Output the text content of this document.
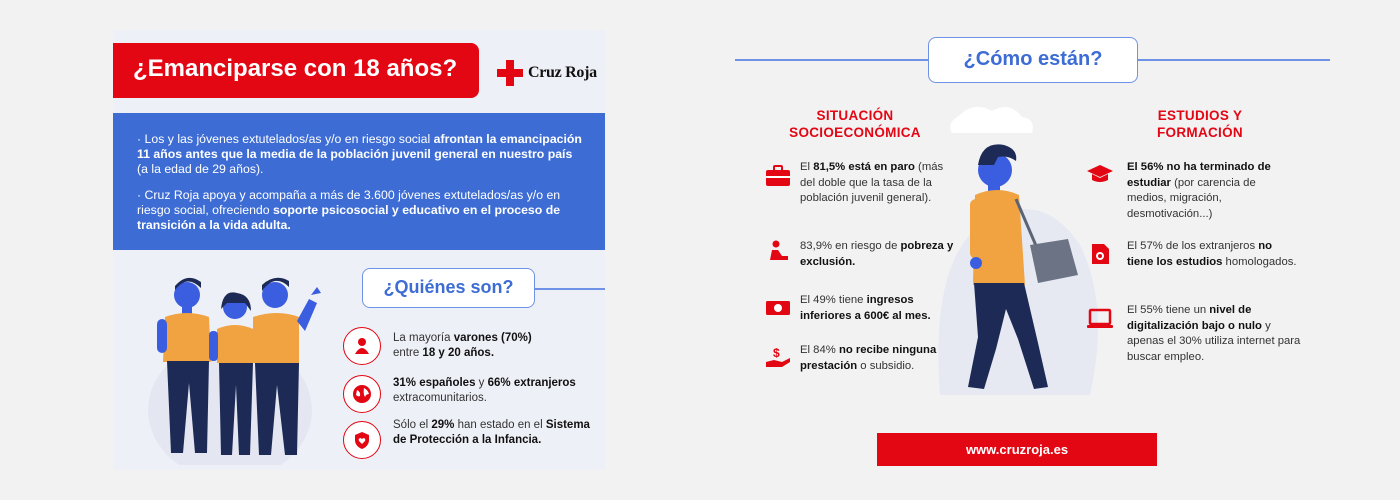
¿Emanciparse con 18 años?	Cruz Roja

· Los y las jóvenes extutelados/as y/o en riesgo social afrontan la emancipación 11 años antes que la media de la población juvenil general en nuestro país (a la edad de 29 años).

· Cruz Roja apoya y acompaña a más de 3.600 jóvenes extutelados/as y/o en riesgo social, ofreciendo soporte psicosocial y educativo en el proceso de transición a la vida adulta.

¿Quiénes son?
La mayoría varones (70%)
entre 18 y 20 años.
31% españoles y 66% extranjeros extracomunitarios.
Sólo el 29% han estado en el Sistema de Protección a la Infancia.
¿Cómo están?
SITUACIÓN SOCIOECONÓMICA
ESTUDIOS Y FORMACIÓN
El 81,5% está en paro (más del doble que la tasa de la población juvenil general).
83,9% en riesgo de pobreza y exclusión.
El 49% tiene ingresos inferiores a 600€ al mes.
$ El 84% no recibe ninguna prestación o subsidio.
El 56% no ha terminado de estudiar (por carencia de medios, migración, desmotivación...)
El 57% de los extranjeros no tiene los estudios homologados.
El 55% tiene un nivel de digitalización bajo o nulo y apenas el 30% utiliza internet para buscar empleo.
www.cruzroja.es
